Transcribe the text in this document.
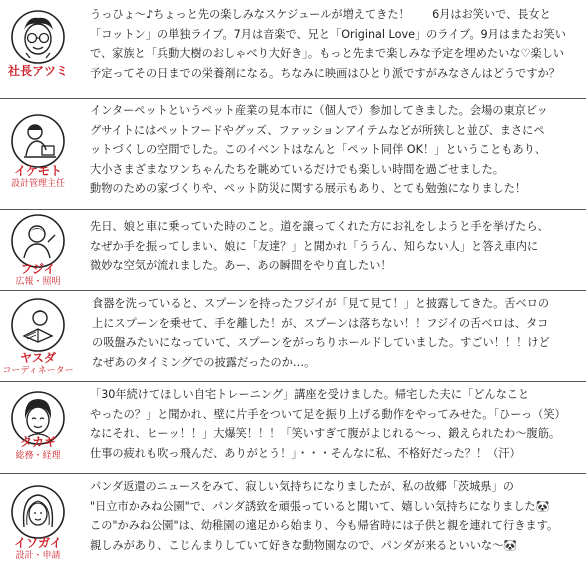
社長アツミ

うっひょ～♪ちょっと先の楽しみなスケジュールが増えてきた！　　6月はお笑いで、長女と

「コットン」の単独ライブ。7月は音楽で、兄と「Original Love」のライブ。9月はまたお笑い

で、家族と「兵動大樹のおしゃべり大好き」。もっと先まで楽しみな予定を埋めたいな♡楽しい

予定ってその日までの栄養剤になる。ちなみに映画はひとり派ですがみなさんはどうですか？

イケモト
設計管理主任

インターペットというペット産業の見本市に（個人で）参加してきました。会場の東京ビッ

グサイトにはペットフードやグッズ、ファッションアイテムなどが所狭しと並び、まさにペ

ットづくしの空間でした。このイベントはなんと「ペット同伴 OK！」ということもあり、

大小さまざまなワンちゃんたちを眺めているだけでも楽しい時間を過ごせました。

動物のための家づくりや、ペット防災に関する展示もあり、とても勉強になりました！

フジイ
広報・照明

先日、娘と車に乗っていた時のこと。道を譲ってくれた方にお礼をしようと手を挙げたら、

なぜか手を振ってしまい、娘に「友達？」と聞かれ「ううん、知らない人」と答え車内に

微妙な空気が流れました。あー、あの瞬間をやり直したい！

ヤスダ
コーディネーター

食器を洗っていると、スプーンを持ったフジイが「見て見て！」と披露してきた。舌ベロの

上にスプーンを乗せて、手を離した！が、スプーンは落ちない！！フジイの舌ベロは、タコ

の吸盤みたいになっていて、スプーンをがっちりホールドしていました。すごい！！！けど

なぜあのタイミングでの披露だったのか…。

タカギ
総務・経理

「30年続けてほしい自宅トレーニング」講座を受けました。帰宅した夫に「どんなこと

やったの？」と聞かれ、壁に片手をついて足を振り上げる動作をやってみせた。「ひーっ（笑）

なにそれ、ヒーッ！！」大爆笑！！！「笑いすぎて腹がよじれる～っ、鍛えられたわ～腹筋。

仕事の疲れも吹っ飛んだ、ありがとう！」・・・そんなに私、不格好だった？！（汗）

イソガイ
設計・申請

パンダ返還のニュースをみて、寂しい気持ちになりましたが、私の故郷「茨城県」の

"日立市かみね公園"で、パンダ誘致を頑張っていると聞いて、嬉しい気持ちになりました🐼

この"かみね公園"は、幼稚園の遠足から始まり、今も帰省時には子供と親を連れて行きます。

親しみがあり、こじんまりしていて好きな動物園なので、パンダが来るといいな～🐼
